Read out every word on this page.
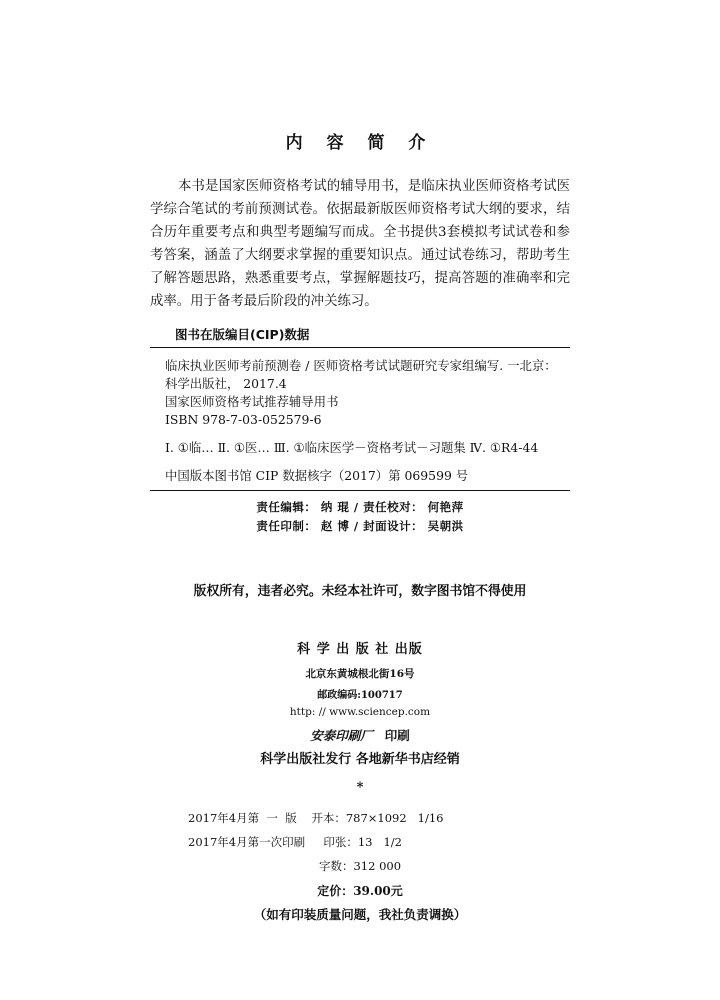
内 容 简 介

本书是国家医师资格考试的辅导用书，是临床执业医师资格考试医学综合笔试的考前预测试卷。依据最新版医师资格考试大纲的要求，结合历年重要考点和典型考题编写而成。全书提供3套模拟考试试卷和参考答案，涵盖了大纲要求掌握的重要知识点。通过试卷练习，帮助考生了解答题思路，熟悉重要考点，掌握解题技巧，提高答题的准确率和完成率。用于备考最后阶段的冲关练习。

图书在版编目(CIP)数据
临床执业医师考前预测卷 / 医师资格考试试题研究专家组编写. 一北京：
科学出版社， 2017.4
国家医师资格考试推荐辅导用书
ISBN 978-7-03-052579-6
Ⅰ. ①临… Ⅱ. ①医… Ⅲ. ①临床医学－资格考试－习题集 Ⅳ. ①R4-44
中国版本图书馆 CIP 数据核字（2017）第 069599 号
责任编辑： 纳 琨 / 责任校对： 何艳萍
责任印制： 赵 博 / 封面设计： 吴朝洪
版权所有，违者必究。未经本社许可，数字图书馆不得使用
科 学 出 版 社 出版
北京东黄城根北街16号
邮政编码:100717
http: // www.sciencep.com
安泰印刷厂 印刷
科学出版社发行 各地新华书店经销
*
2017年4月第  一  版    开本：787×1092   1/16
2017年4月第一次印刷     印张：13   1/2
字数：312 000
定价：39.00元
（如有印装质量问题，我社负责调换）
